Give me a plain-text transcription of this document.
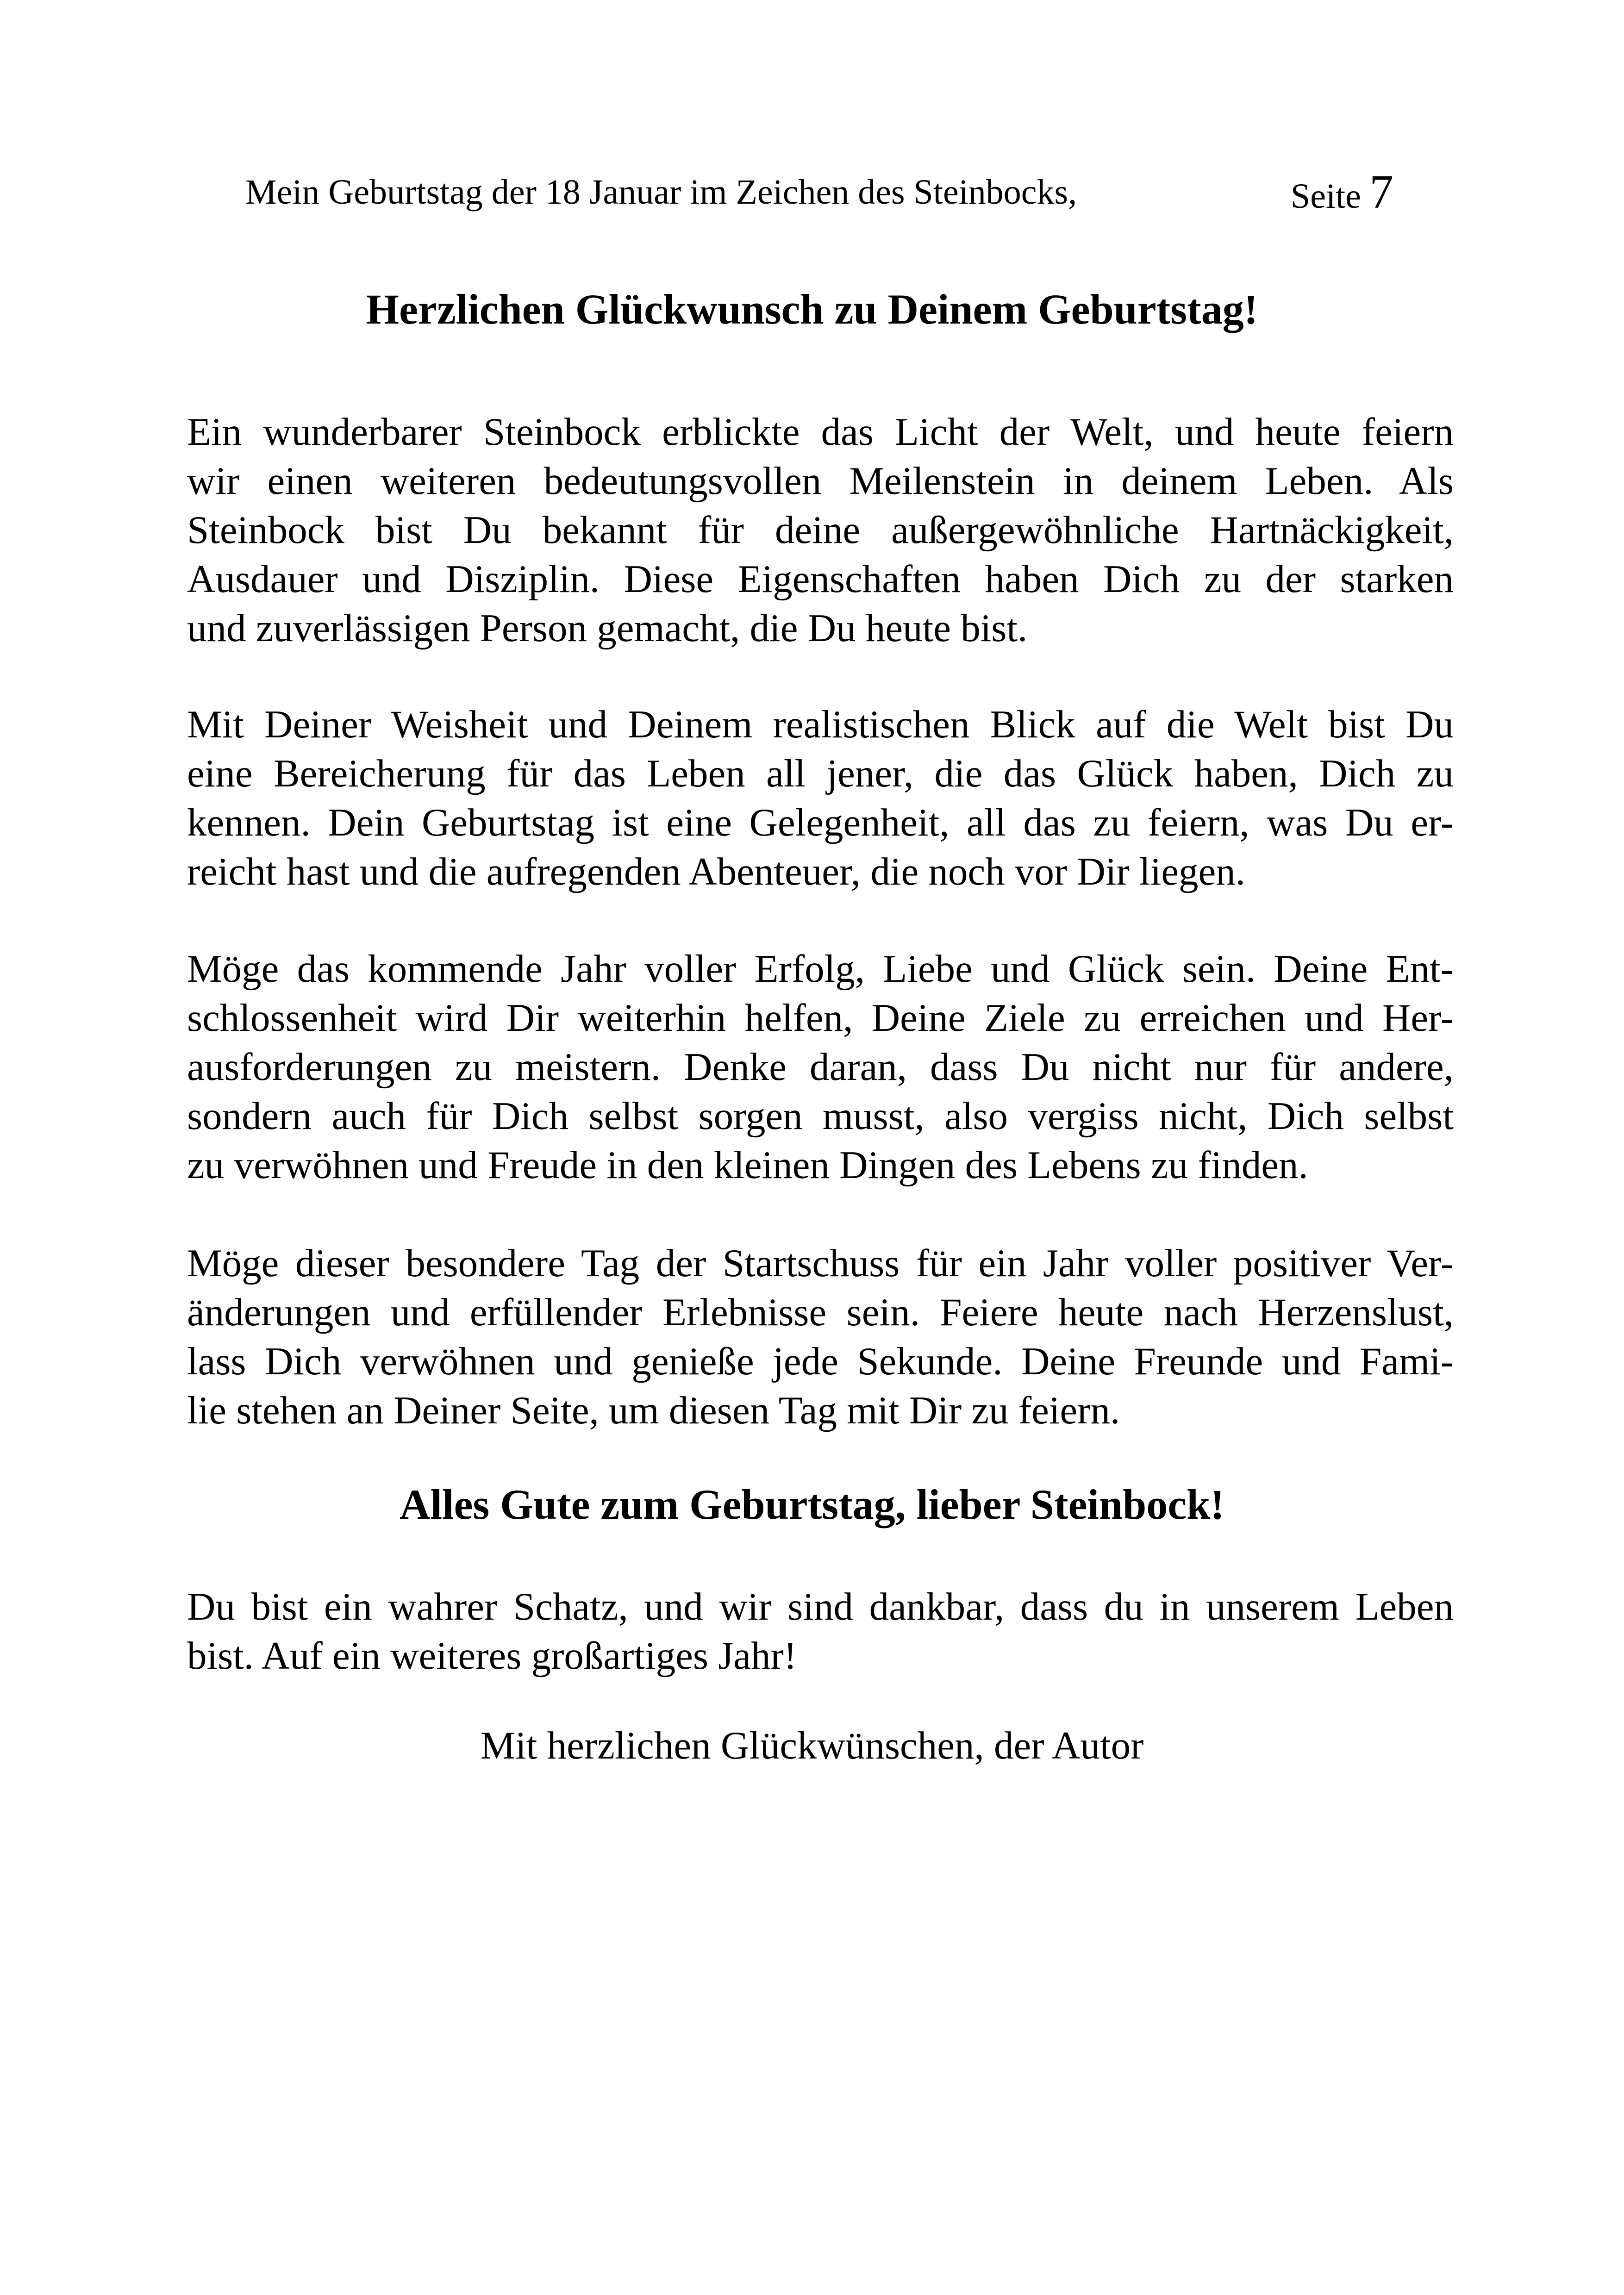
Mein Geburtstag der 18 Januar im Zeichen des Steinbocks,	Seite 7
Herzlichen Glückwunsch zu Deinem Geburtstag!
Ein wunderbarer Steinbock erblickte das Licht der Welt, und heute feiern
wir einen weiteren bedeutungsvollen Meilenstein in deinem Leben. Als
Steinbock bist Du bekannt für deine außergewöhnliche Hartnäckigkeit,
Ausdauer und Disziplin. Diese Eigenschaften haben Dich zu der starken
und zuverlässigen Person gemacht, die Du heute bist.
Mit Deiner Weisheit und Deinem realistischen Blick auf die Welt bist Du
eine Bereicherung für das Leben all jener, die das Glück haben, Dich zu
kennen. Dein Geburtstag ist eine Gelegenheit, all das zu feiern, was Du er-
reicht hast und die aufregenden Abenteuer, die noch vor Dir liegen.
Möge das kommende Jahr voller Erfolg, Liebe und Glück sein. Deine Ent-
schlossenheit wird Dir weiterhin helfen, Deine Ziele zu erreichen und Her-
ausforderungen zu meistern. Denke daran, dass Du nicht nur für andere,
sondern auch für Dich selbst sorgen musst, also vergiss nicht, Dich selbst
zu verwöhnen und Freude in den kleinen Dingen des Lebens zu finden.
Möge dieser besondere Tag der Startschuss für ein Jahr voller positiver Ver-
änderungen und erfüllender Erlebnisse sein. Feiere heute nach Herzenslust,
lass Dich verwöhnen und genieße jede Sekunde. Deine Freunde und Fami-
lie stehen an Deiner Seite, um diesen Tag mit Dir zu feiern.
Alles Gute zum Geburtstag, lieber Steinbock!
Du bist ein wahrer Schatz, und wir sind dankbar, dass du in unserem Leben
bist. Auf ein weiteres großartiges Jahr!
Mit herzlichen Glückwünschen, der Autor
